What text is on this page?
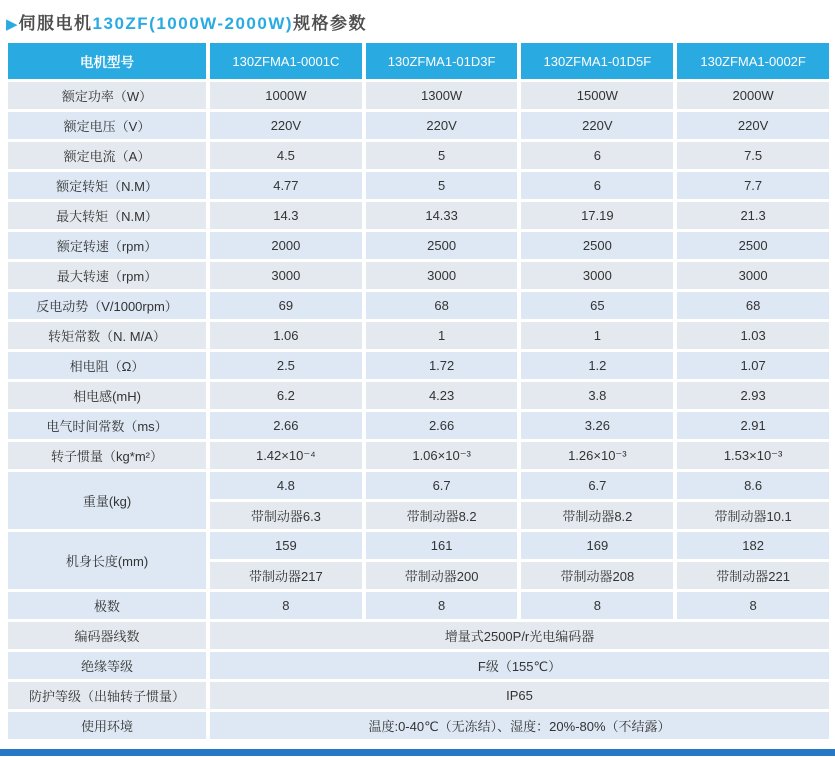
▶伺服电机130ZF(1000W-2000W)规格参数
电机型号	130ZFMA1-0001C	130ZFMA1-01D3F	130ZFMA1-01D5F	130ZFMA1-0002F
额定功率（W）	1000W	1300W	1500W	2000W
额定电压（V）	220V	220V	220V	220V
额定电流（A）	4.5	5	6	7.5
额定转矩（N.M）	4.77	5	6	7.7
最大转矩（N.M）	14.3	14.33	17.19	21.3
额定转速（rpm）	2000	2500	2500	2500
最大转速（rpm）	3000	3000	3000	3000
反电动势（V/1000rpm）	69	68	65	68
转矩常数（N. M/A）	1.06	1	1	1.03
相电阻（Ω）	2.5	1.72	1.2	1.07
相电感(mH)	6.2	4.23	3.8	2.93
电气时间常数（ms）	2.66	2.66	3.26	2.91
转子惯量（kg*m²）	1.42×10⁻⁴	1.06×10⁻³	1.26×10⁻³	1.53×10⁻³
重量(kg)	4.8	6.7	6.7	8.6
	带制动器6.3	带制动器8.2	带制动器8.2	带制动器10.1
机身长度(mm)	159	161	169	182
	带制动器217	带制动器200	带制动器208	带制动器221
极数	8	8	8	8
编码器线数	增量式2500P/r光电编码器			
绝缘等级	F级（155℃）			
防护等级（出轴转子惯量）	IP65			
使用环境	温度:0-40℃（无冻结）、湿度：20%-80%（不结露）			
